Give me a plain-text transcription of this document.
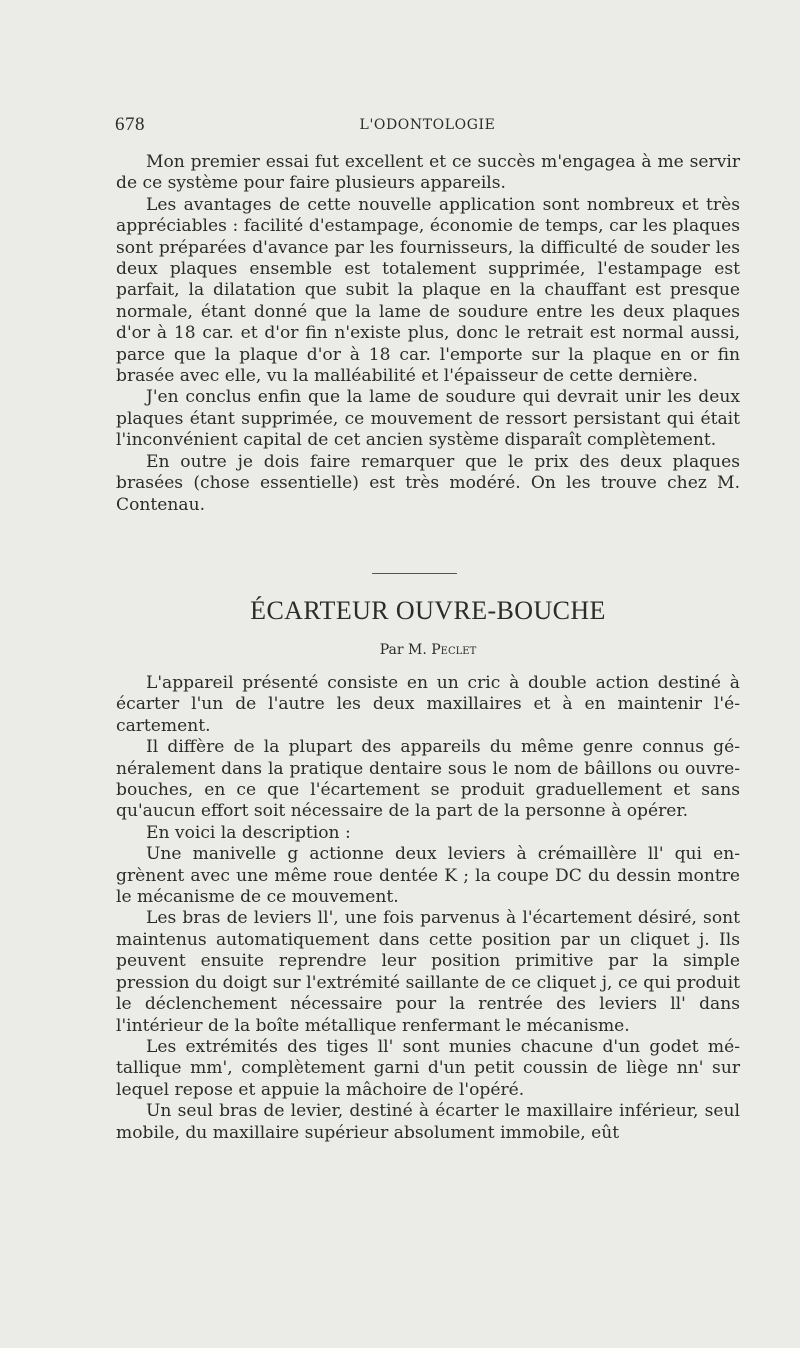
678	L'ODONTOLOGIE

Mon premier essai fut excellent et ce succès m'engagea à me servir de ce système pour faire plusieurs appareils.

Les avantages de cette nouvelle application sont nombreux et très appréciables : facilité d'estampage, économie de temps, car les plaques sont préparées d'avance par les fournisseurs, la difficulté de souder les deux plaques ensemble est totalement supprimée, l'estampage est parfait, la dilatation que subit la plaque en la chauffant est presque normale, étant donné que la lame de soudure entre les deux plaques d'or à 18 car. et d'or fin n'existe plus, donc le retrait est normal aussi, parce que la plaque d'or à 18 car. l'emporte sur la plaque en or fin brasée avec elle, vu la malléabilité et l'épaisseur de cette dernière.

J'en conclus enfin que la lame de soudure qui devrait unir les deux plaques étant supprimée, ce mouvement de ressort persistant qui était l'inconvénient capital de cet ancien système disparaît complètement.

En outre je dois faire remarquer que le prix des deux plaques brasées (chose essentielle) est très modéré. On les trouve chez M. Contenau.

ÉCARTEUR OUVRE-BOUCHE
Par M. Peclet

L'appareil présenté consiste en un cric à double action destiné à écarter l'un de l'autre les deux maxillaires et à en maintenir l'écartement.

Il diffère de la plupart des appareils du même genre connus généralement dans la pratique dentaire sous le nom de bâillons ou ouvre-bouches, en ce que l'écartement se produit graduellement et sans qu'aucun effort soit nécessaire de la part de la personne à opérer.

En voici la description :

Une manivelle g actionne deux leviers à crémaillère ll' qui engrènent avec une même roue dentée K ; la coupe DC du dessin montre le mécanisme de ce mouvement.

Les bras de leviers ll', une fois parvenus à l'écartement désiré, sont maintenus automatiquement dans cette position par un cliquet j. Ils peuvent ensuite reprendre leur position primitive par la simple pression du doigt sur l'extrémité saillante de ce cliquet j, ce qui produit le déclenchement nécessaire pour la rentrée des leviers ll' dans l'intérieur de la boîte métallique renfermant le mécanisme.

Les extrémités des tiges ll' sont munies chacune d'un godet métallique mm', complètement garni d'un petit coussin de liège nn' sur lequel repose et appuie la mâchoire de l'opéré.

Un seul bras de levier, destiné à écarter le maxillaire inférieur, seul mobile, du maxillaire supérieur absolument immobile, eût
